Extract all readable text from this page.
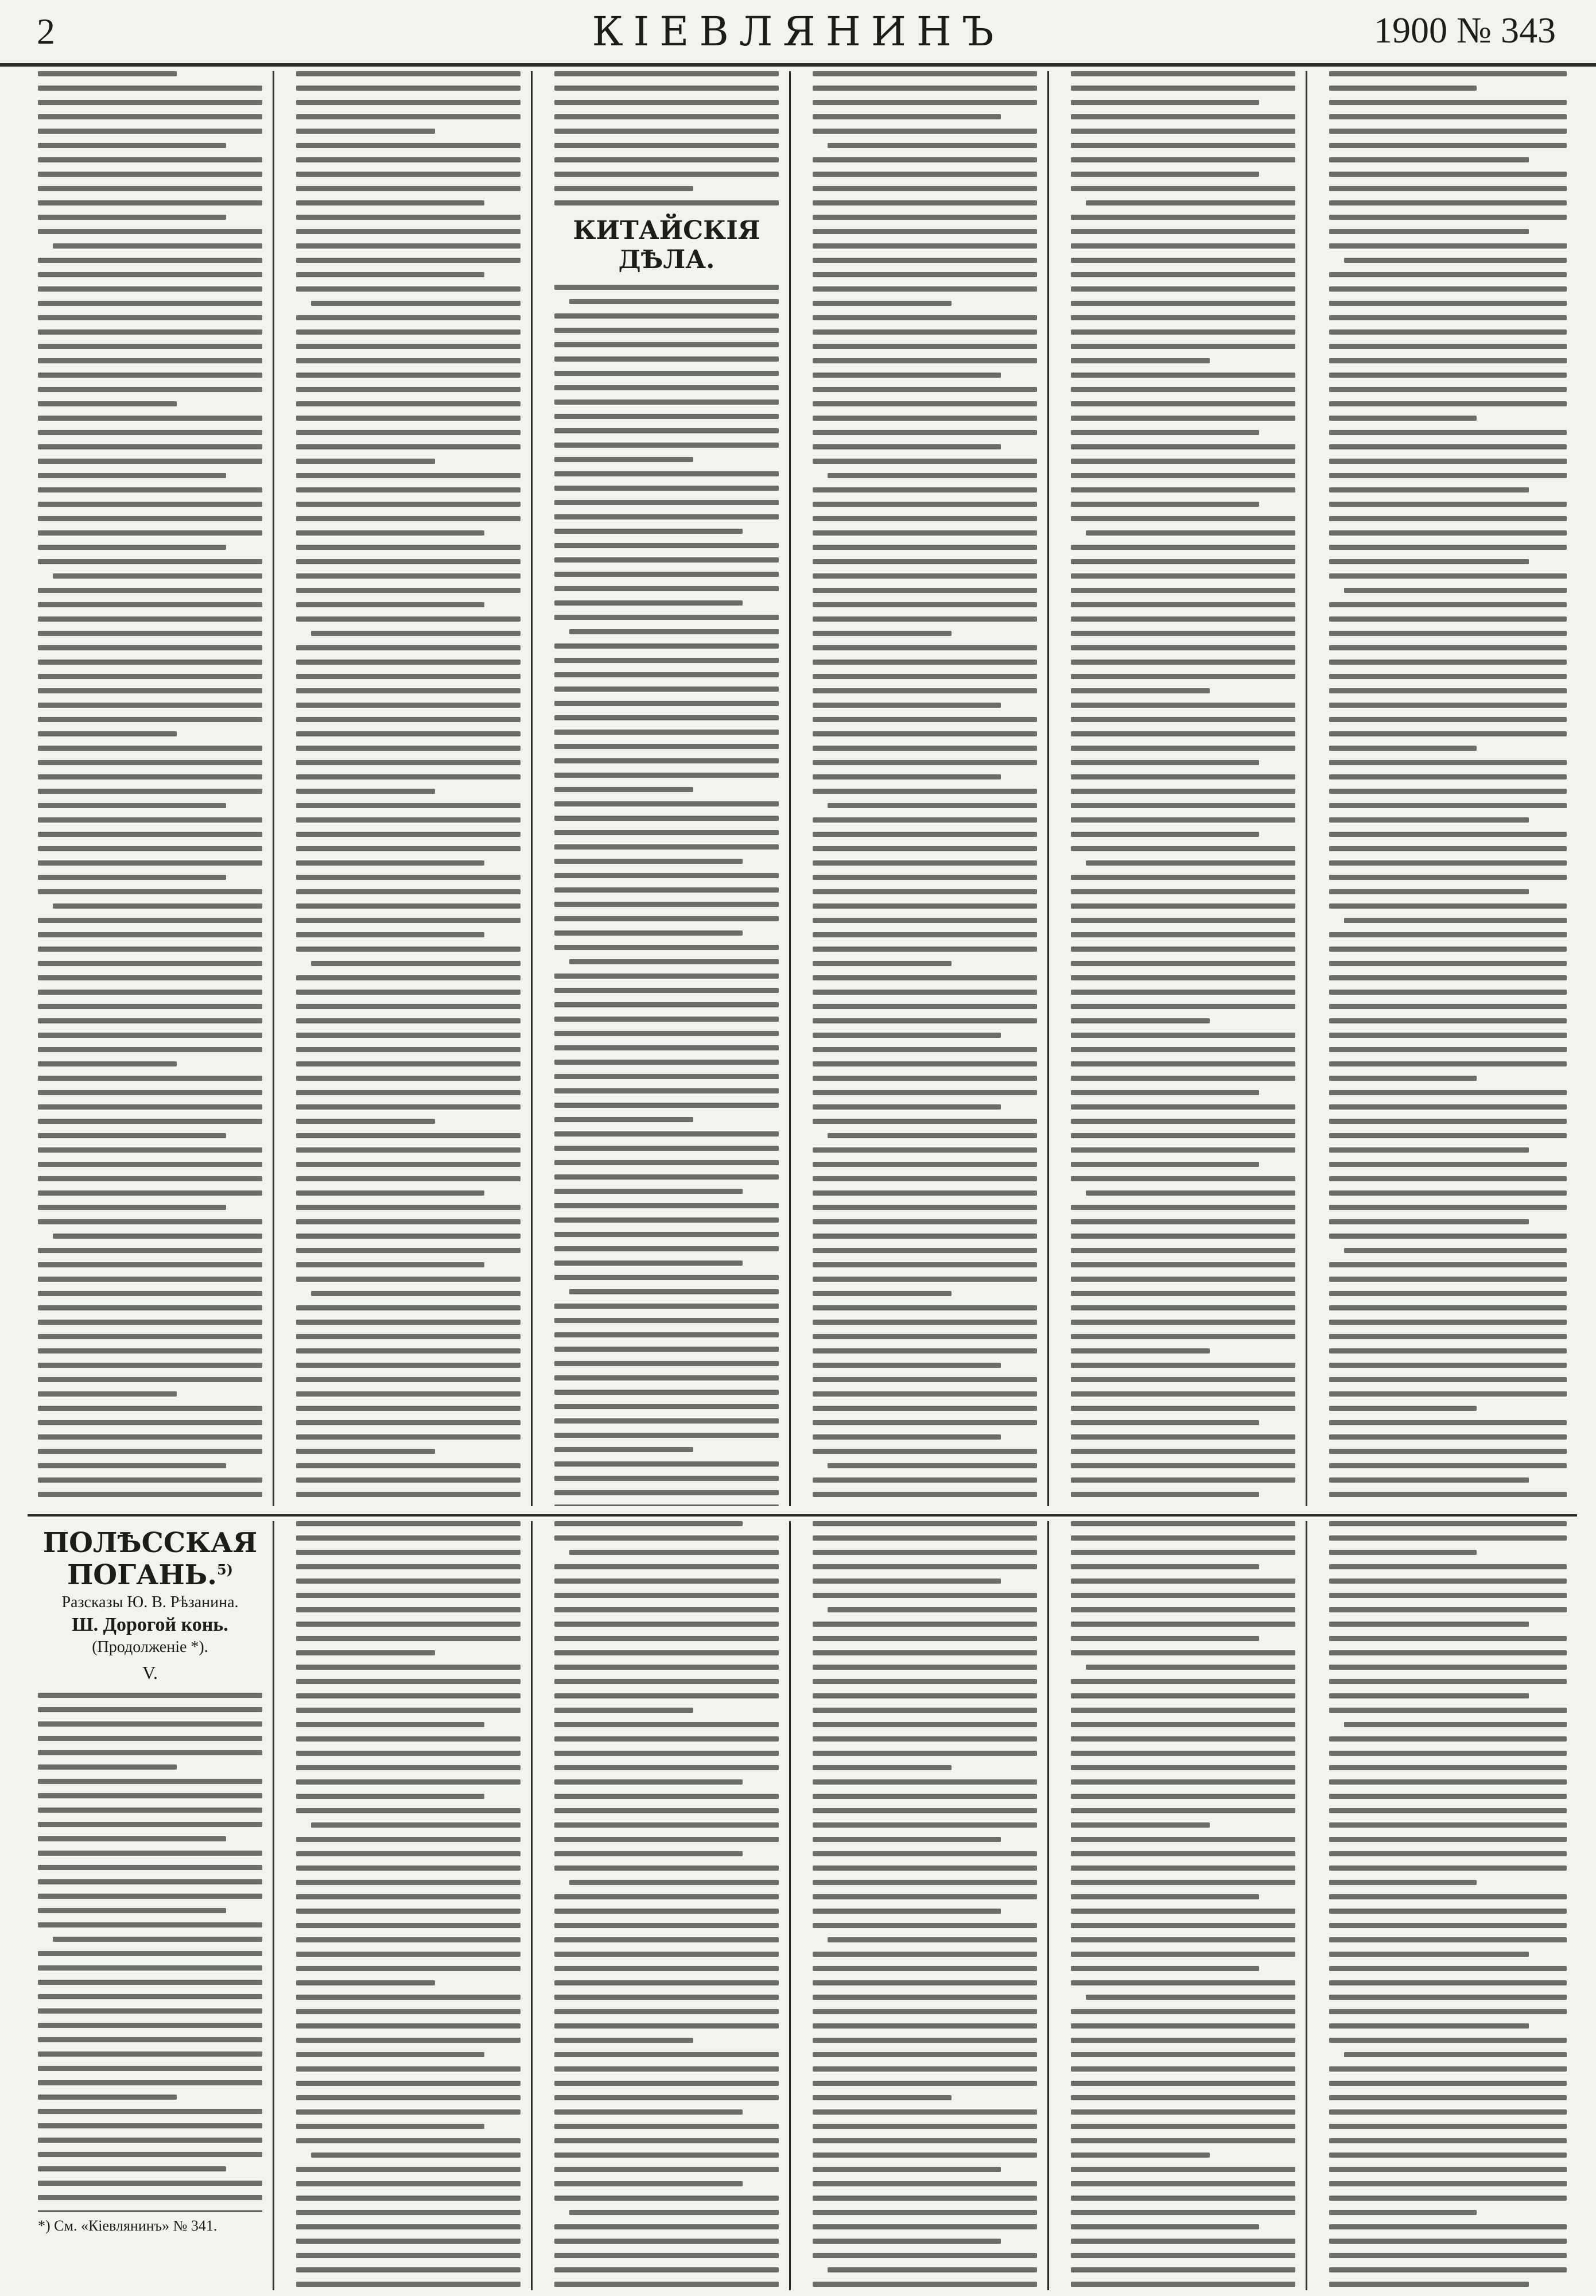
2	КІЕВЛЯНИНЪ	1900 № 343
КИТАЙСКІЯ ДѢЛА.
ПОЛѢССКАЯ ПОГАНЬ.$^{5)}$
Разсказы Ю. В. Рѣзанина.
Ш. Дорогой конь.
(Продолженіе *).
V.
*) См. «Кіевлянинъ» № 341.
